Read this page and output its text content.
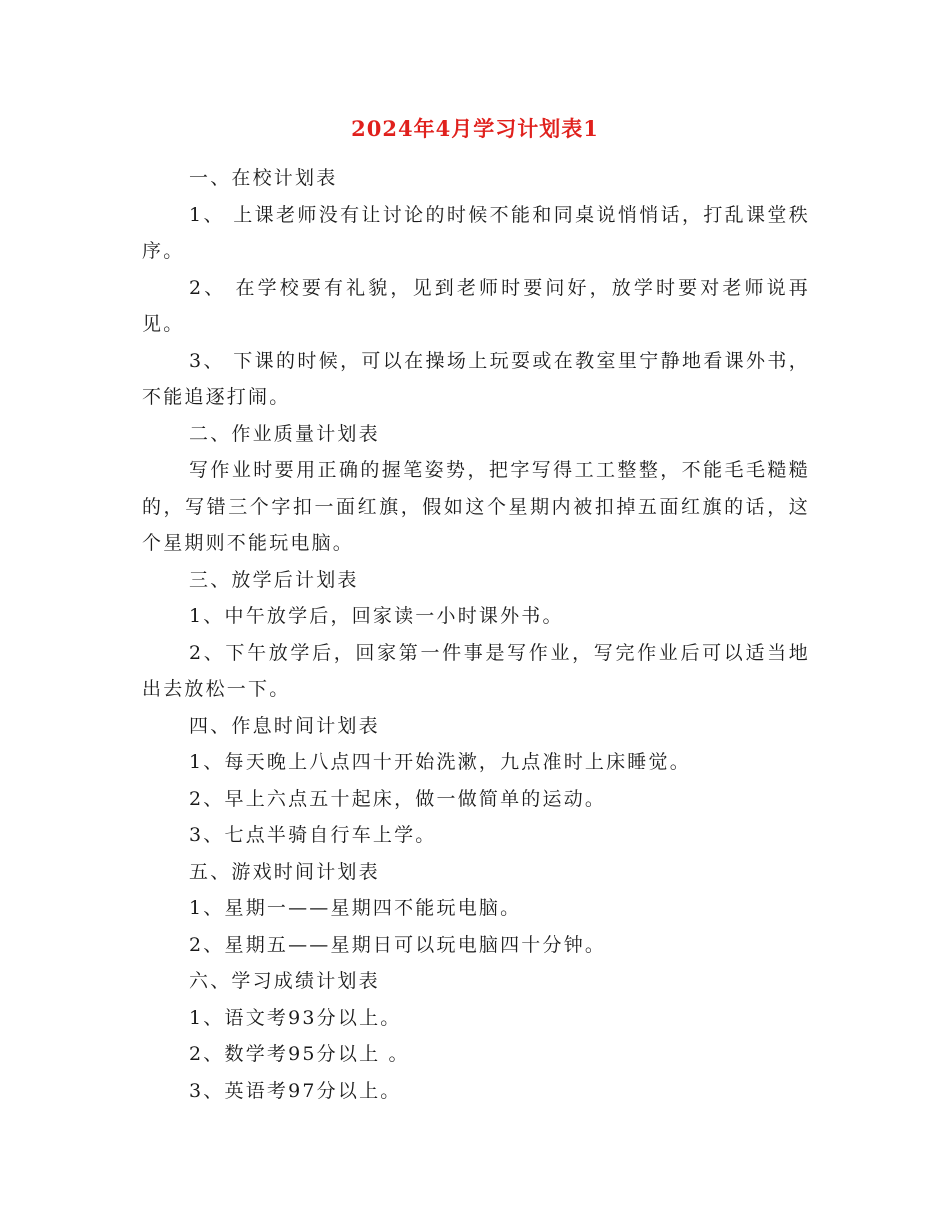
2024年4月学习计划表1

一、在校计划表

1、 上课老师没有让讨论的时候不能和同桌说悄悄话，打乱课堂秩序。

2、 在学校要有礼貌，见到老师时要问好，放学时要对老师说再见。

3、 下课的时候，可以在操场上玩耍或在教室里宁静地看课外书，不能追逐打闹。

二、作业质量计划表

写作业时要用正确的握笔姿势，把字写得工工整整，不能毛毛糙糙的，写错三个字扣一面红旗，假如这个星期内被扣掉五面红旗的话，这个星期则不能玩电脑。

三、放学后计划表

1、中午放学后，回家读一小时课外书。

2、下午放学后，回家第一件事是写作业，写完作业后可以适当地出去放松一下。

四、作息时间计划表

1、每天晚上八点四十开始洗漱，九点准时上床睡觉。

2、早上六点五十起床，做一做简单的运动。

3、七点半骑自行车上学。

五、游戏时间计划表

1、星期一——星期四不能玩电脑。

2、星期五——星期日可以玩电脑四十分钟。

六、学习成绩计划表

1、语文考93分以上。

2、数学考95分以上 。

3、英语考97分以上。
